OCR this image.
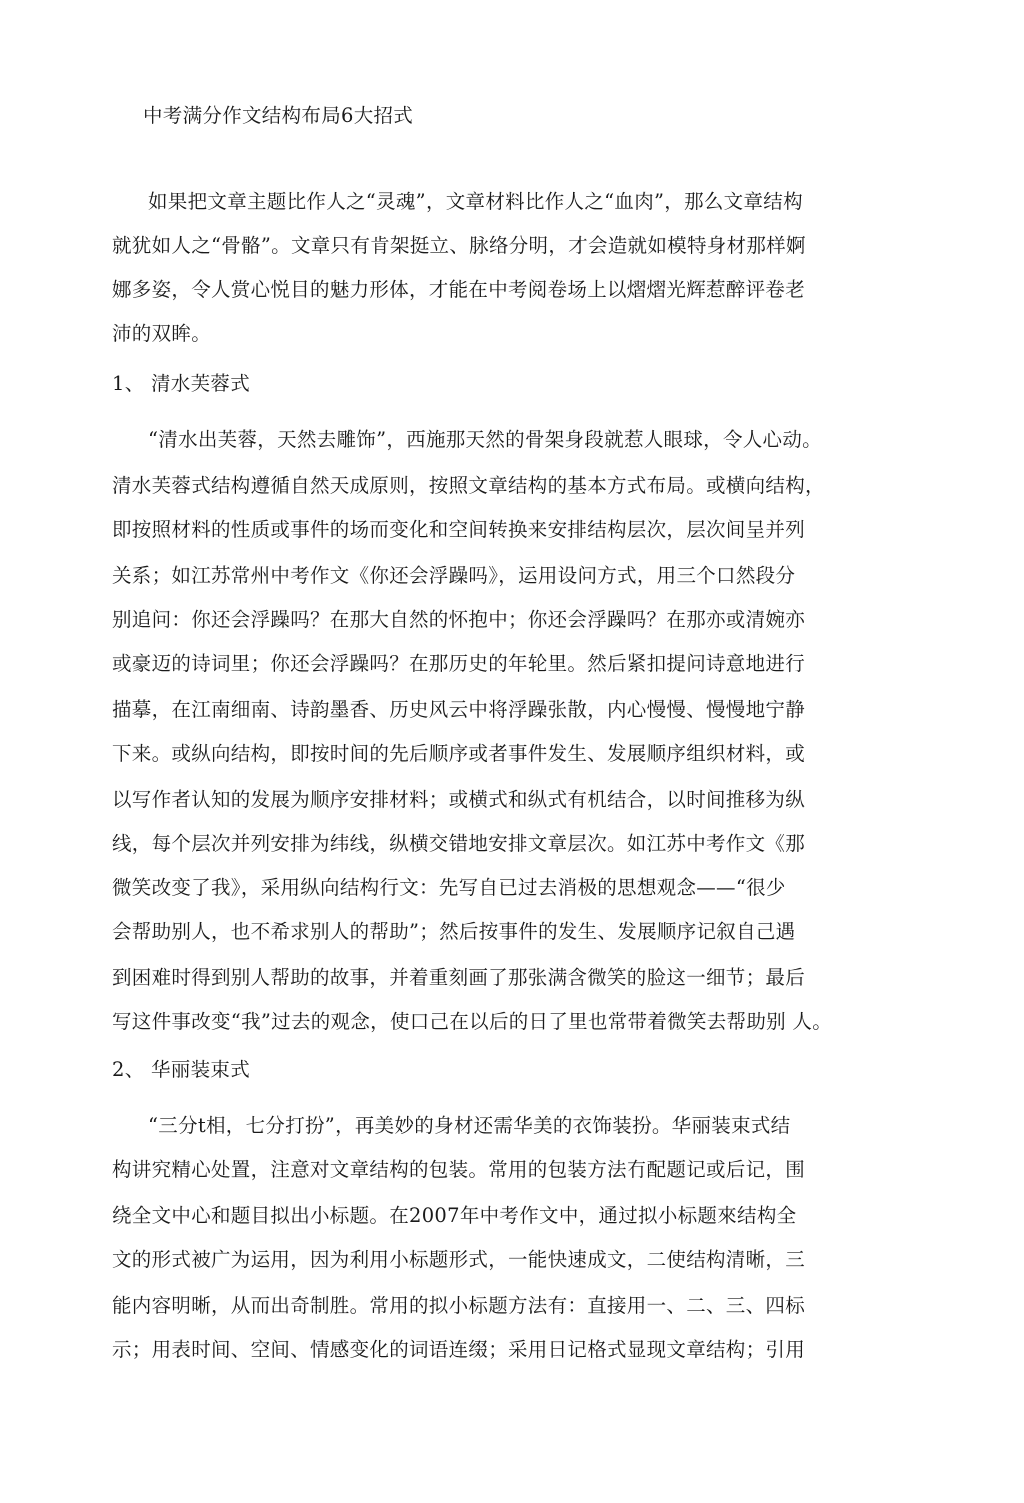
中考满分作文结构布局6大招式
如果把文章主题比作人之“灵魂”，文章材料比作人之“血肉”，那么文章结构
就犹如人之“骨骼”。文章只有肯架挺立、脉络分明，才会造就如模特身材那样婀
娜多姿，令人赏心悦目的魅力形体，才能在中考阅卷场上以熠熠光辉惹醉评卷老
沛的双眸。
1、 清水芙蓉式
“清水出芙蓉，天然去雕饰”，西施那天然的骨架身段就惹人眼球，令人心动。
清水芙蓉式结构遵循自然天成原则，按照文章结构的基本方式布局。或横向结构，
即按照材料的性质或事件的场而变化和空间转换来安排结构层次，层次间呈并列
关系；如江苏常州中考作文《你还会浮躁吗》，运用设问方式，用三个口然段分
别追问：你还会浮躁吗？在那大自然的怀抱中；你还会浮躁吗？在那亦或清婉亦
或豪迈的诗词里；你还会浮躁吗？在那历史的年轮里。然后紧扣提问诗意地进行
描摹，在江南细南、诗韵墨香、历史风云中将浮躁张散，内心慢慢、慢慢地宁静
下来。或纵向结构，即按时间的先后顺序或者事件发生、发展顺序组织材料，或
以写作者认知的发展为顺序安排材料；或横式和纵式有机结合，以时间推移为纵
线，每个层次并列安排为纬线，纵横交错地安排文章层次。如江苏中考作文《那
微笑改变了我》，采用纵向结构行文：先写自已过去消极的思想观念——“很少
会帮助别人，也不希求别人的帮助”；然后按事件的发生、发展顺序记叙自己遇
到困难时得到别人帮助的故事，并着重刻画了那张满含微笑的脸这一细节；最后
写这件事改变“我”过去的观念，使口己在以后的日了里也常带着微笑去帮助别 人。
2、 华丽装束式
“三分t相，七分打扮”，再美妙的身材还需华美的衣饰装扮。华丽装束式结
构讲究精心处置，注意对文章结构的包装。常用的包装方法冇配题记或后记，围
绕全文中心和题目拟出小标题。在2007年中考作文中，通过拟小标题來结构全
文的形式被广为运用，因为利用小标题形式，一能快速成文，二使结构清晰，三
能内容明晰，从而出奇制胜。常用的拟小标题方法有：直接用一、二、三、四标
示；用表时间、空间、情感变化的词语连缀；采用日记格式显现文章结构；引用
